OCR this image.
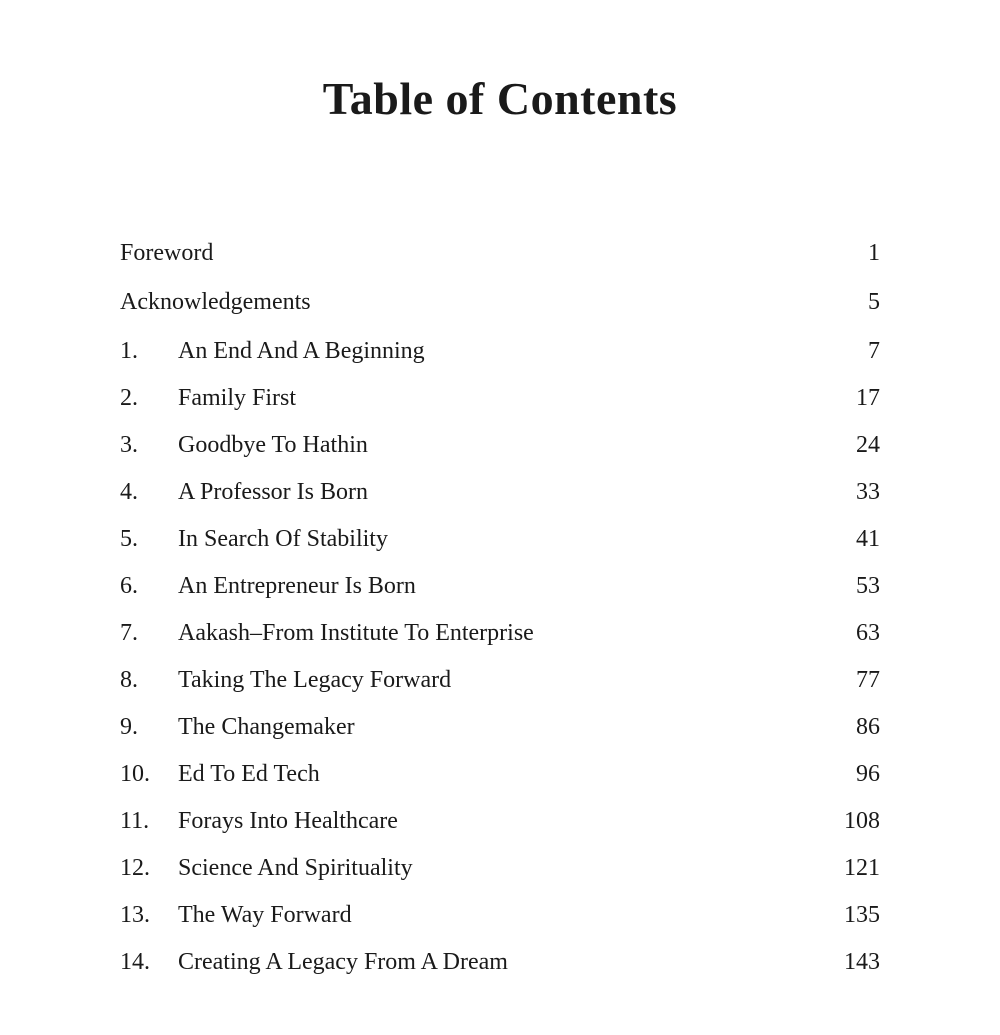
Table of Contents
Foreword	1
Acknowledgements	5
1. An End And A Beginning	7
2. Family First	17
3. Goodbye To Hathin	24
4. A Professor Is Born	33
5. In Search Of Stability	41
6. An Entrepreneur Is Born	53
7. Aakash–From Institute To Enterprise	63
8. Taking The Legacy Forward	77
9. The Changemaker	86
10. Ed To Ed Tech	96
11. Forays Into Healthcare	108
12. Science And Spirituality	121
13. The Way Forward	135
14. Creating A Legacy From A Dream	143
